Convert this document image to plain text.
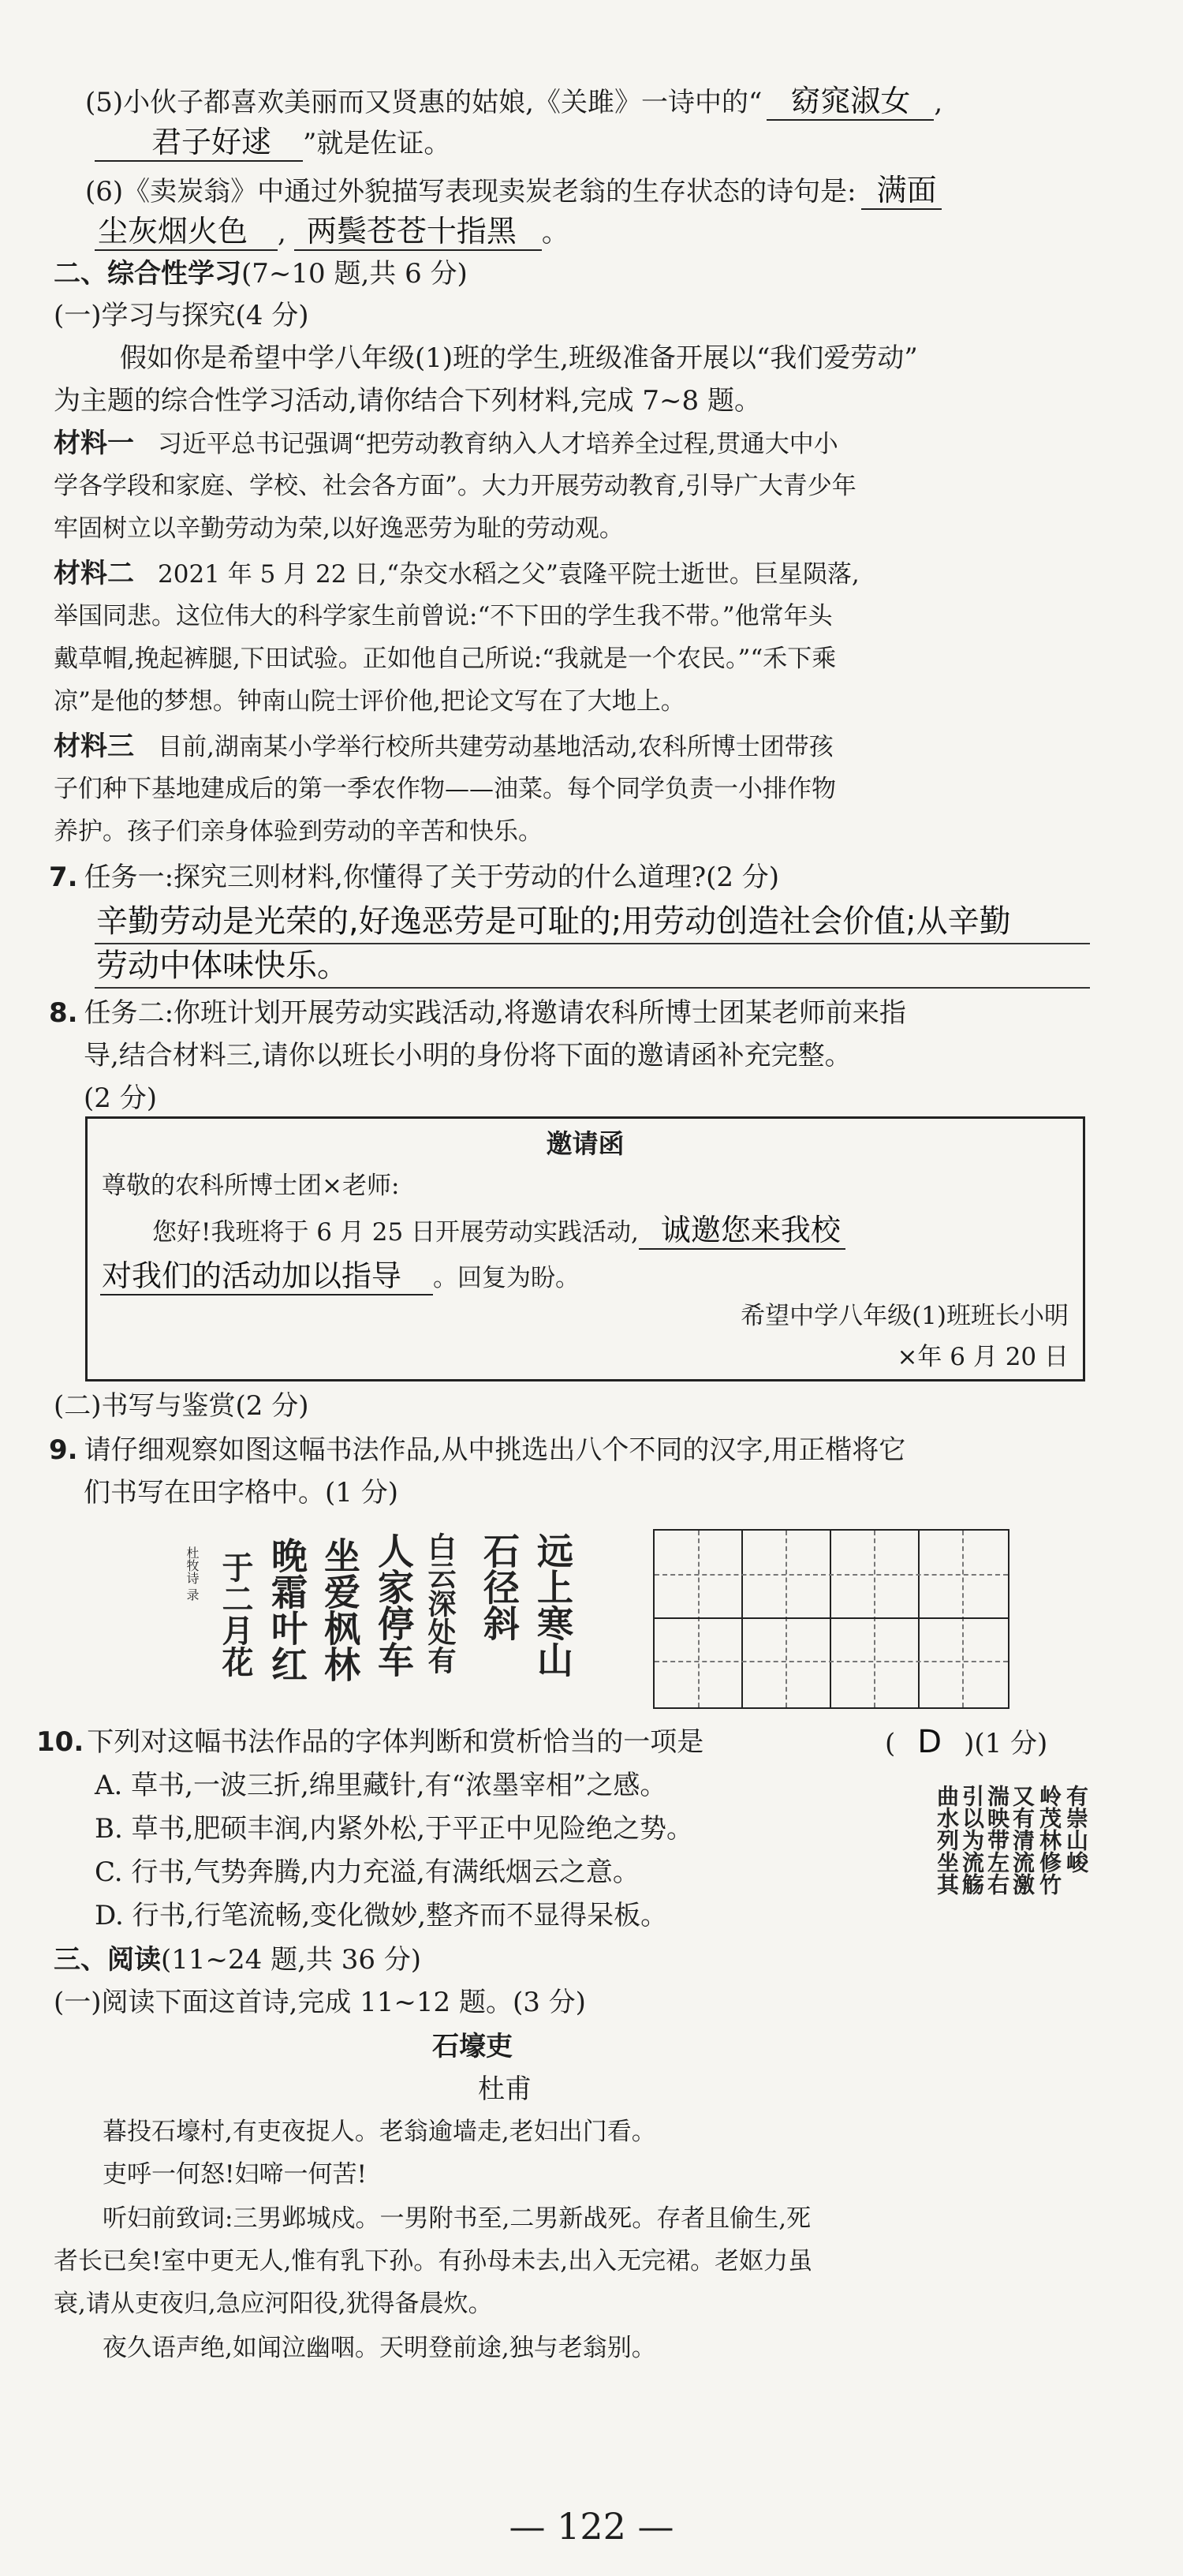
(5)小伙子都喜欢美丽而又贤惠的姑娘,《关雎》一诗中的“ 窈窕淑女 ,
君子好逑 ”就是佐证。
(6)《卖炭翁》中通过外貌描写表现卖炭老翁的生存状态的诗句是: 满面
尘灰烟火色 , 两鬓苍苍十指黑 。
二、综合性学习(7~10 题,共 6 分)
(一)学习与探究(4 分)
假如你是希望中学八年级(1)班的学生,班级准备开展以“我们爱劳动”
为主题的综合性学习活动,请你结合下列材料,完成 7~8 题。
材料一 习近平总书记强调“把劳动教育纳入人才培养全过程,贯通大中小
学各学段和家庭、学校、社会各方面”。大力开展劳动教育,引导广大青少年
牢固树立以辛勤劳动为荣,以好逸恶劳为耻的劳动观。
材料二 2021 年 5 月 22 日,“杂交水稻之父”袁隆平院士逝世。巨星陨落,
举国同悲。这位伟大的科学家生前曾说:“不下田的学生我不带。”他常年头
戴草帽,挽起裤腿,下田试验。正如他自己所说:“我就是一个农民。”“禾下乘
凉”是他的梦想。钟南山院士评价他,把论文写在了大地上。
材料三 目前,湖南某小学举行校所共建劳动基地活动,农科所博士团带孩
子们种下基地建成后的第一季农作物——油菜。每个同学负责一小排作物
养护。孩子们亲身体验到劳动的辛苦和快乐。
7. 任务一:探究三则材料,你懂得了关于劳动的什么道理?(2 分)
辛勤劳动是光荣的,好逸恶劳是可耻的;用劳动创造社会价值;从辛勤
劳动中体味快乐。
8. 任务二:你班计划开展劳动实践活动,将邀请农科所博士团某老师前来指
导,结合材料三,请你以班长小明的身份将下面的邀请函补充完整。
(2 分)
邀请函
尊敬的农科所博士团×老师:
您好!我班将于 6 月 25 日开展劳动实践活动, 诚邀您来我校
对我们的活动加以指导 。回复为盼。
希望中学八年级(1)班班长小明
×年 6 月 20 日
(二)书写与鉴赏(2 分)
9. 请仔细观察如图这幅书法作品,从中挑选出八个不同的汉字,用正楷将它
们书写在田字格中。(1 分)
远上寒山
石径斜
白云深处有
人家停车
坐爱枫林
晚霜叶红
于二月花
杜牧诗 录
10. 下列对这幅书法作品的字体判断和赏析恰当的一项是	( D )(1 分)
A. 草书,一波三折,绵里藏针,有“浓墨宰相”之感。
B. 草书,肥硕丰润,内紧外松,于平正中见险绝之势。
C. 行书,气势奔腾,内力充溢,有满纸烟云之意。
D. 行书,行笔流畅,变化微妙,整齐而不显得呆板。
有崇山峻
岭茂林修竹
又有清流激
湍映带左右
引以为流觞
曲水列坐其
三、阅读(11~24 题,共 36 分)
(一)阅读下面这首诗,完成 11~12 题。(3 分)
石壕吏
杜甫
暮投石壕村,有吏夜捉人。老翁逾墙走,老妇出门看。
吏呼一何怒!妇啼一何苦!
听妇前致词:三男邺城戍。一男附书至,二男新战死。存者且偷生,死
者长已矣!室中更无人,惟有乳下孙。有孙母未去,出入无完裙。老妪力虽
衰,请从吏夜归,急应河阳役,犹得备晨炊。
夜久语声绝,如闻泣幽咽。天明登前途,独与老翁别。
— 122 —
